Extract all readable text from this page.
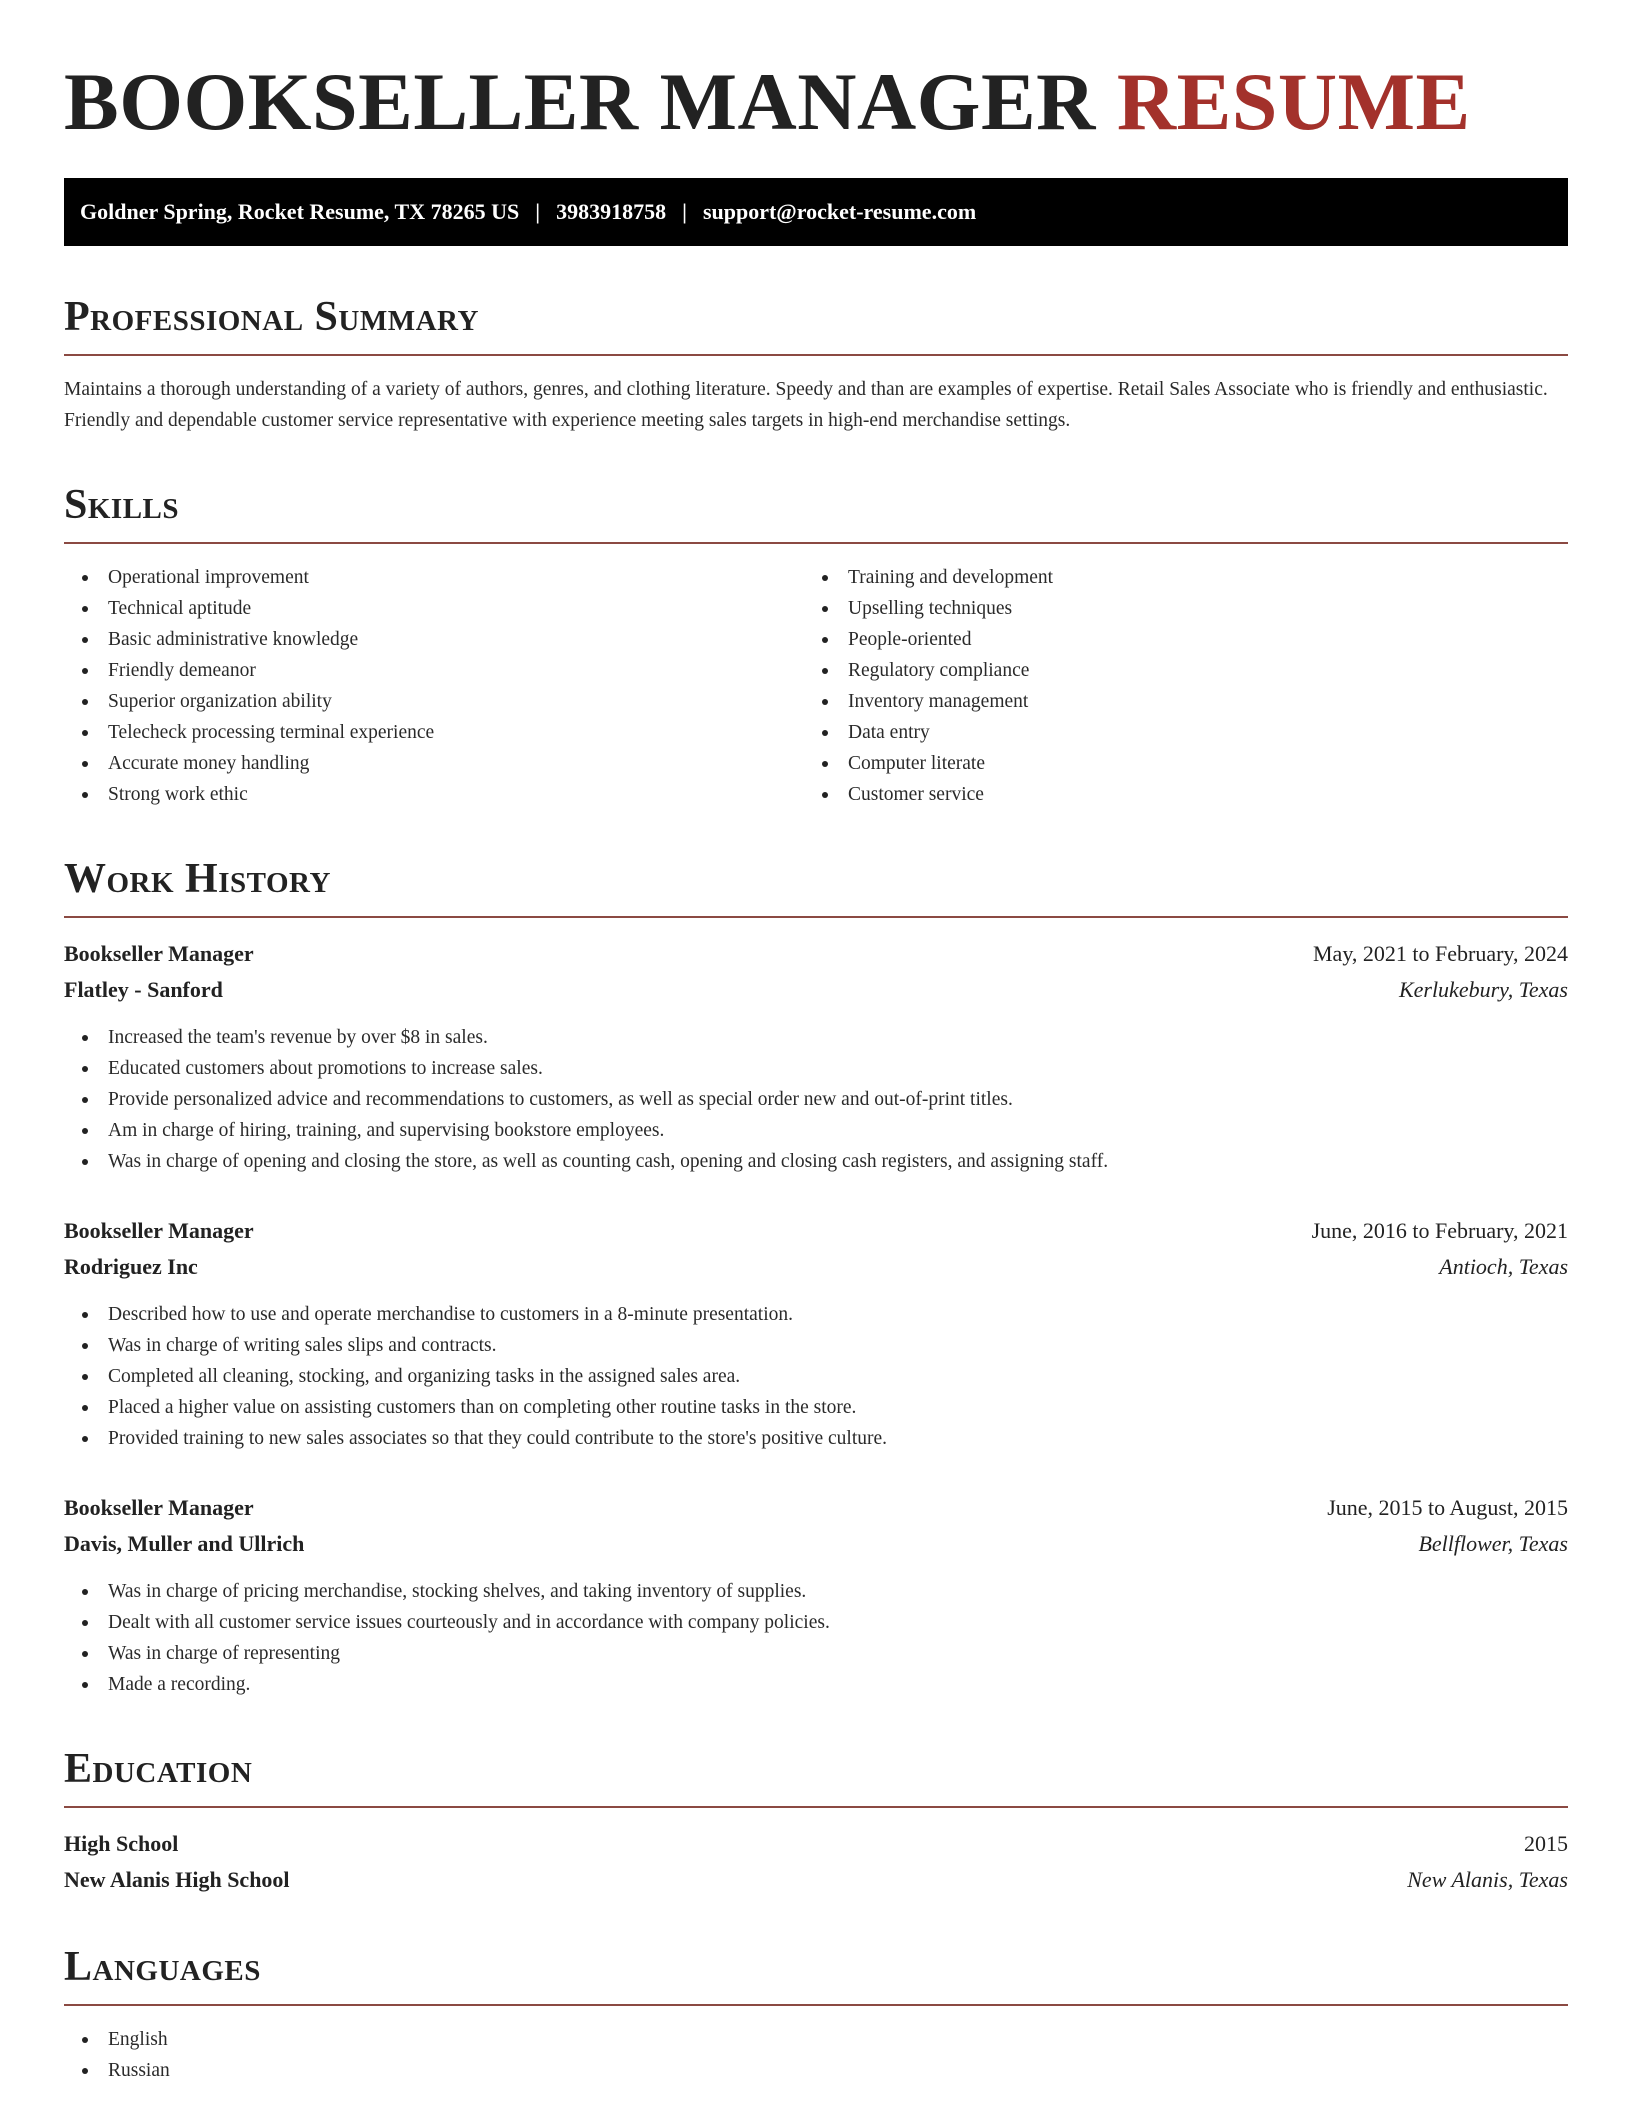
BOOKSELLER MANAGER RESUME
Goldner Spring, Rocket Resume, TX 78265 US | 3983918758 | support@rocket-resume.com
Professional Summary

Maintains a thorough understanding of a variety of authors, genres, and clothing literature. Speedy and than are examples of expertise. Retail Sales Associate who is friendly and enthusiastic. Friendly and dependable customer service representative with experience meeting sales targets in high-end merchandise settings.

Skills
Operational improvement
Technical aptitude
Basic administrative knowledge
Friendly demeanor
Superior organization ability
Telecheck processing terminal experience
Accurate money handling
Strong work ethic
Training and development
Upselling techniques
People-oriented
Regulatory compliance
Inventory management
Data entry
Computer literate
Customer service
Work History
Bookseller Manager	May, 2021 to February, 2024
Flatley - Sanford	Kerlukebury, Texas
Increased the team's revenue by over $8 in sales.
Educated customers about promotions to increase sales.
Provide personalized advice and recommendations to customers, as well as special order new and out-of-print titles.
Am in charge of hiring, training, and supervising bookstore employees.
Was in charge of opening and closing the store, as well as counting cash, opening and closing cash registers, and assigning staff.
Bookseller Manager	June, 2016 to February, 2021
Rodriguez Inc	Antioch, Texas
Described how to use and operate merchandise to customers in a 8-minute presentation.
Was in charge of writing sales slips and contracts.
Completed all cleaning, stocking, and organizing tasks in the assigned sales area.
Placed a higher value on assisting customers than on completing other routine tasks in the store.
Provided training to new sales associates so that they could contribute to the store's positive culture.
Bookseller Manager	June, 2015 to August, 2015
Davis, Muller and Ullrich	Bellflower, Texas
Was in charge of pricing merchandise, stocking shelves, and taking inventory of supplies.
Dealt with all customer service issues courteously and in accordance with company policies.
Was in charge of representing
Made a recording.
Education
High School	2015
New Alanis High School	New Alanis, Texas
Languages
English
Russian
